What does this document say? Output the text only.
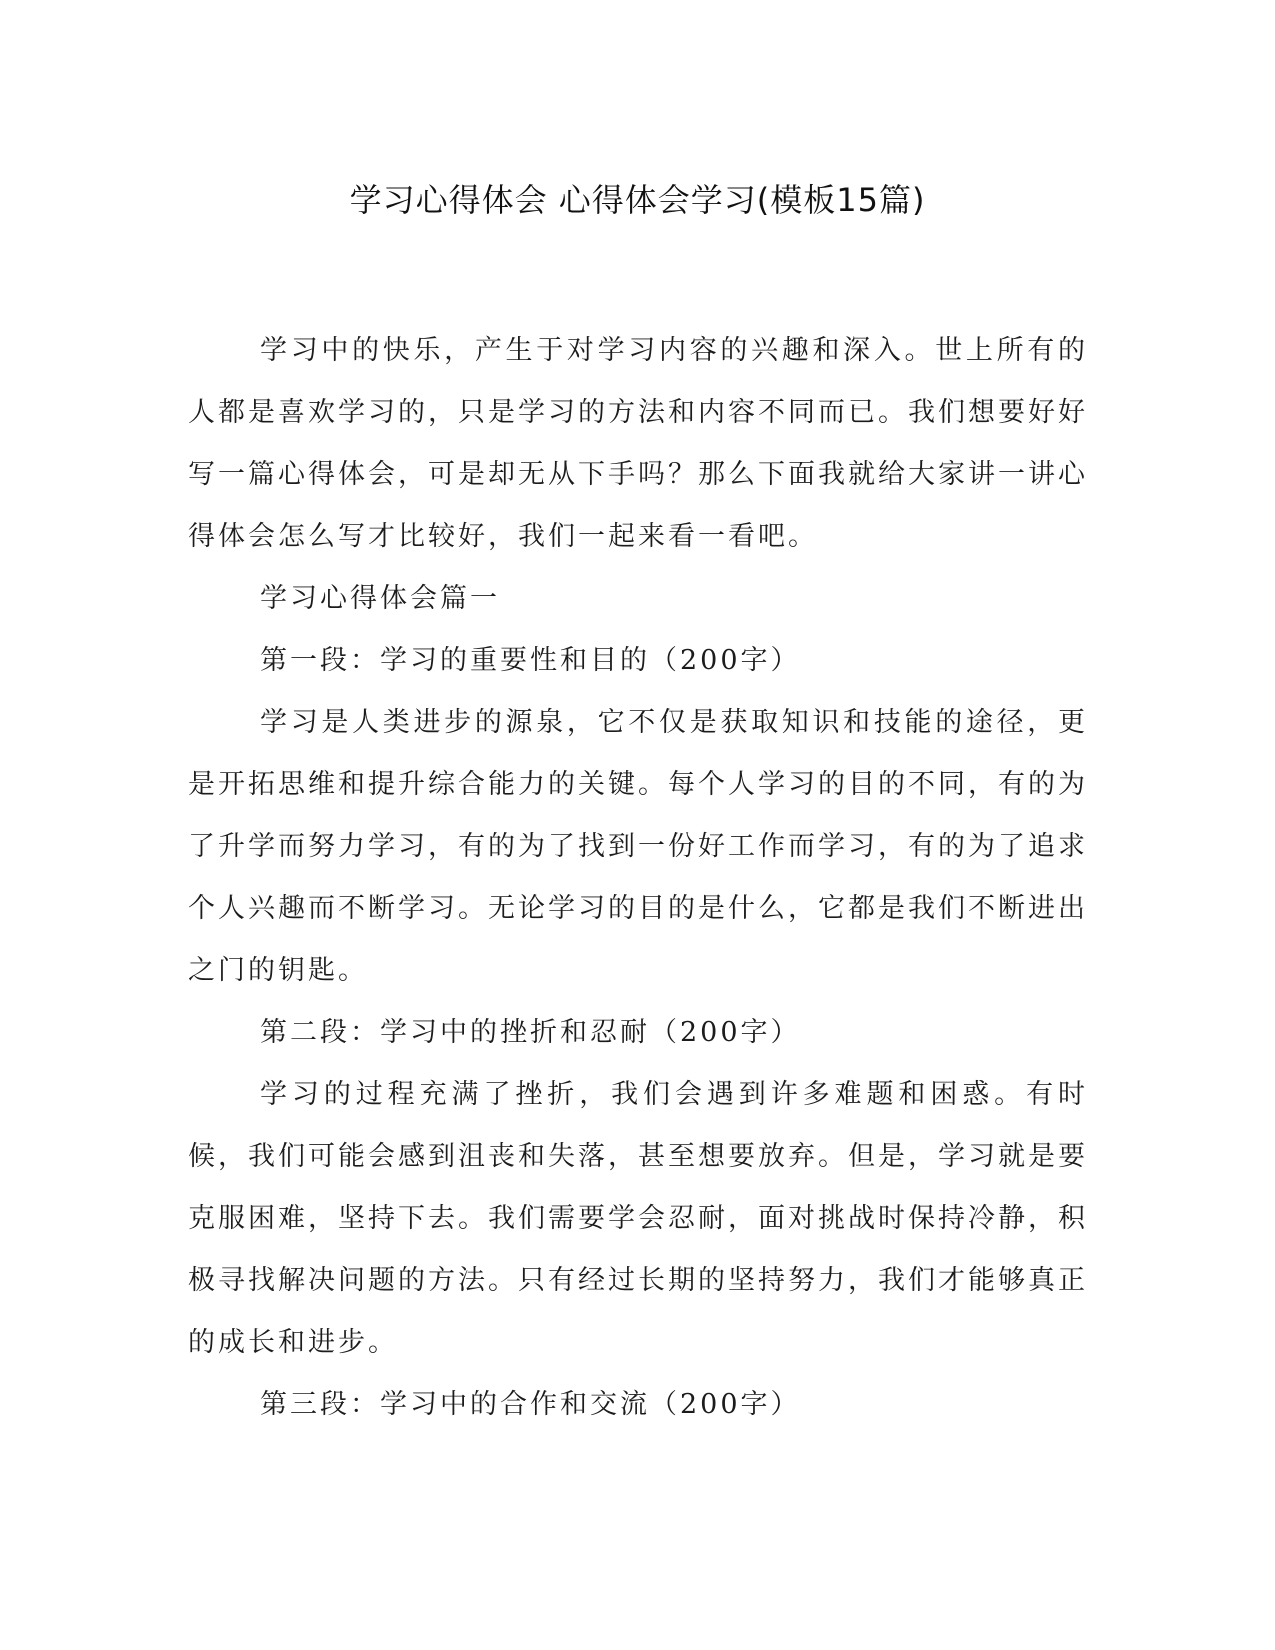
学习心得体会 心得体会学习(模板15篇)

学习中的快乐，产生于对学习内容的兴趣和深入。世上所有的人都是喜欢学习的，只是学习的方法和内容不同而已。我们想要好好写一篇心得体会，可是却无从下手吗？那么下面我就给大家讲一讲心得体会怎么写才比较好，我们一起来看一看吧。

学习心得体会篇一

第一段：学习的重要性和目的（200字）

学习是人类进步的源泉，它不仅是获取知识和技能的途径，更是开拓思维和提升综合能力的关键。每个人学习的目的不同，有的为了升学而努力学习，有的为了找到一份好工作而学习，有的为了追求个人兴趣而不断学习。无论学习的目的是什么，它都是我们不断进出之门的钥匙。

第二段：学习中的挫折和忍耐（200字）

学习的过程充满了挫折，我们会遇到许多难题和困惑。有时候，我们可能会感到沮丧和失落，甚至想要放弃。但是，学习就是要克服困难，坚持下去。我们需要学会忍耐，面对挑战时保持冷静，积极寻找解决问题的方法。只有经过长期的坚持努力，我们才能够真正的成长和进步。

第三段：学习中的合作和交流（200字）
